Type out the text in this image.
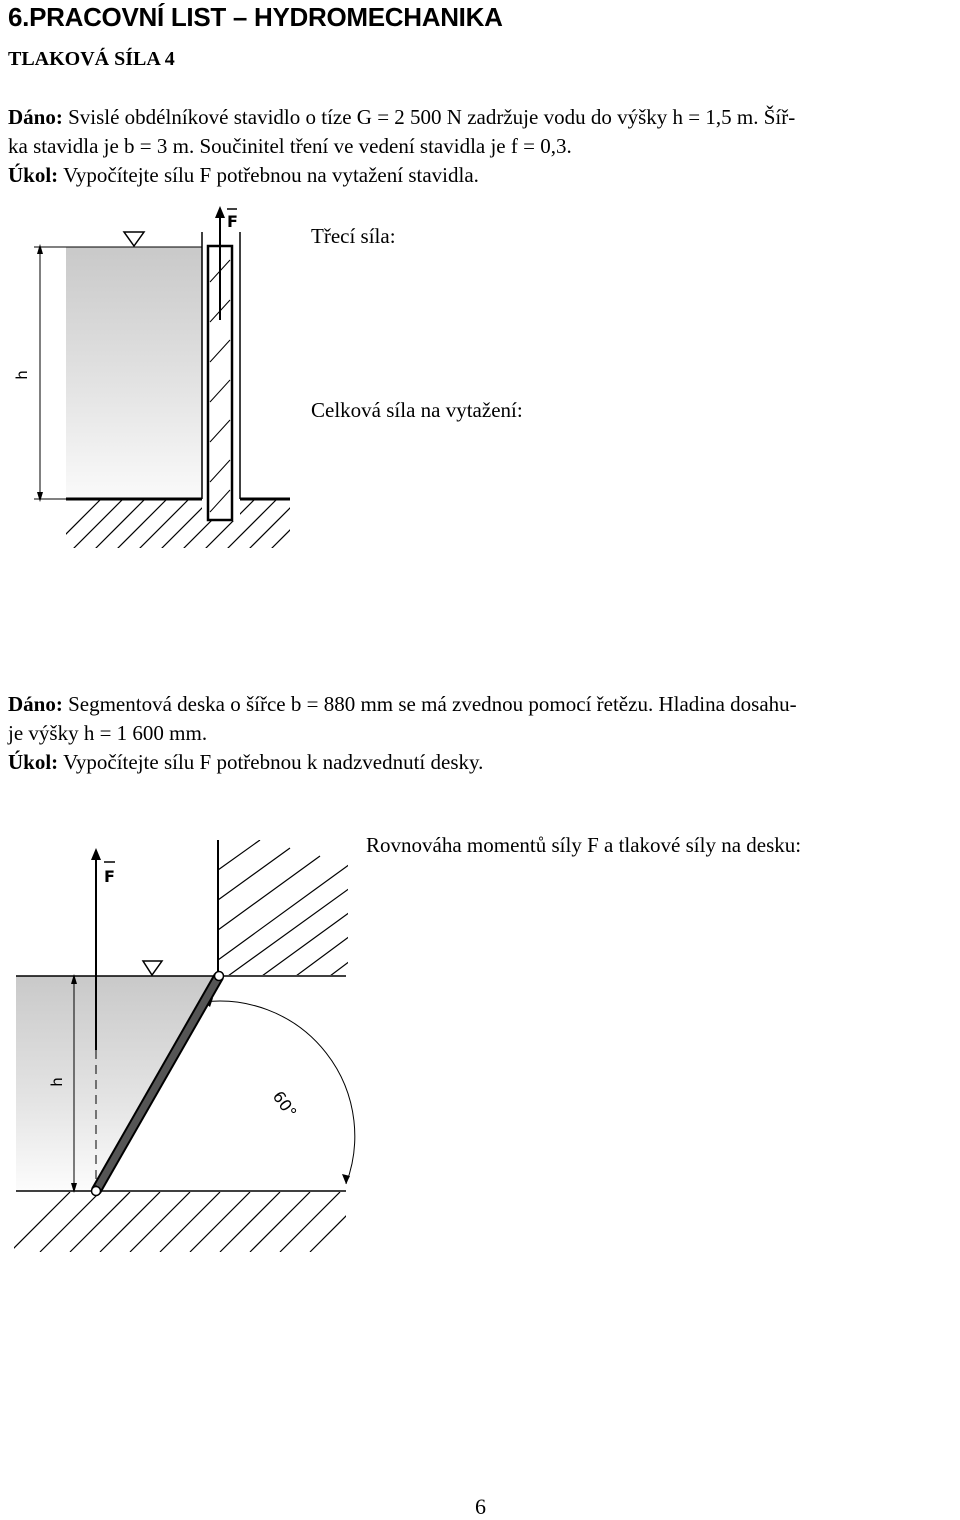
6.PRACOVNÍ LIST – HYDROMECHANIKA
TLAKOVÁ SÍLA 4
Dáno: Svislé obdélníkové stavidlo o tíze G = 2 500 N zadržuje vodu do výšky h = 1,5 m. Šíř-
ka stavidla je b = 3 m. Součinitel tření ve vedení stavidla je f = 0,3.
Úkol: Vypočítejte sílu F potřebnou na vytažení stavidla.
Třecí síla:
Celková síla na vytažení:
Dáno: Segmentová deska o šířce b = 880 mm se má zvednou pomocí řetězu. Hladina dosahu-
je výšky h = 1 600 mm.
Úkol: Vypočítejte sílu F potřebnou k nadzvednutí desky.
Rovnováha momentů síly F a tlakové síly na desku:
F
h
60°
F
h
6
